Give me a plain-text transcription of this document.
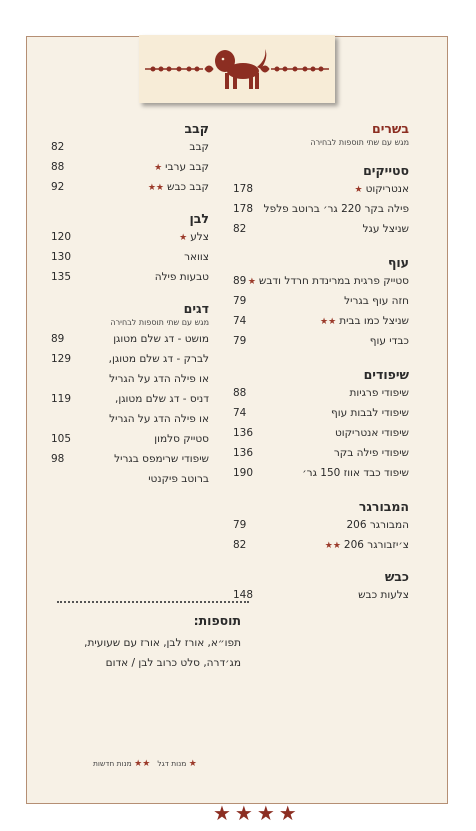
בשרים
מגש עם שתי תוספות לבחירה
סטייקים
אנטריקוט★
178
פילה בקר 220 גר׳ ברוטב פלפל
178
שניצל עגל
82
עוף
סטייק פרגית במרינדת חרדל ודבש★
89
חזה עוף בגריל
79
שניצל כמו בבית★★
74
כבדי עוף
79
שיפודים
שיפודי פרגיות
88
שיפודי לבבות עוף
74
שיפודי אנטריקוט
136
שיפודי פילה בקר
136
שיפוד כבד אווז 150 גר׳
190
המבורגר
המבורגר 206
79
צ׳יזבורגר 206★★
82
כבש
צלעות כבש
148
קבב
קבב
82
קבב ערבי★
88
קבב כבש★★
92
לבן
צלע★
120
צוואר
130
טבעות פילה
135
דגים
מגש עם שתי תוספות לבחירה
מושט - דג שלם מטוגן
89
לברק - דג שלם מטוגן,
129
או פילה הדג על הגריל
דניס - דג שלם מטוגן,
119
או פילה הדג על הגריל
סטייק סלמון
105
שיפודי שרימפס בגריל
98
ברוטב פיקנטי
תוספות:
תפו״א, אורז לבן, אורז עם שעועית,
מג׳דרה, סלט כרוב לבן / אדום
★ מנות דגל   ★★ מנות חדשות
★★★★
